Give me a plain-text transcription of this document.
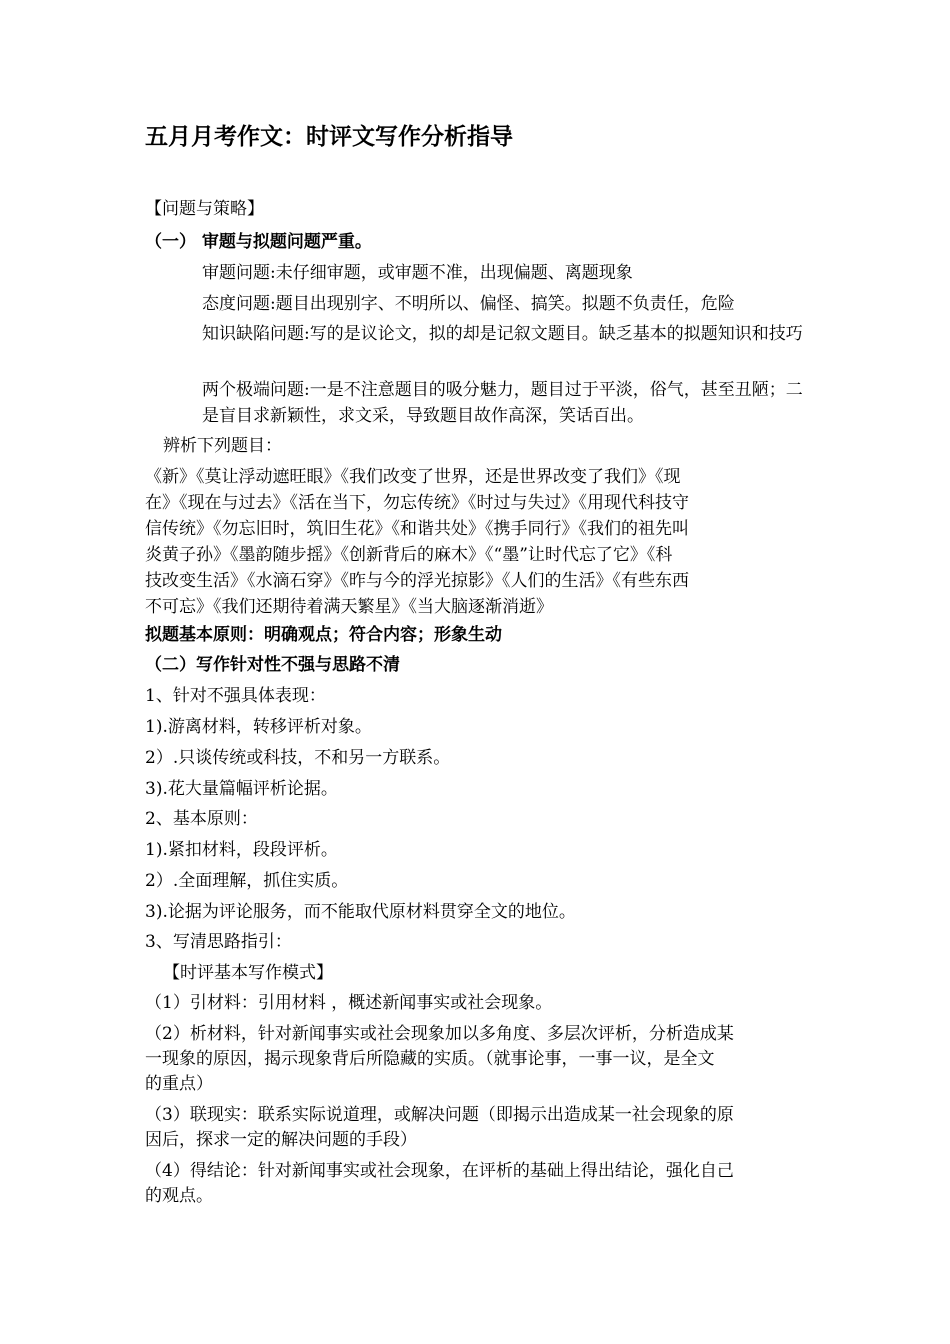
五月月考作文：时评文写作分析指导

【问题与策略】

（一） 审题与拟题问题严重。

审题问题:未仔细审题，或审题不准，出现偏题、离题现象

态度问题:题目出现别字、不明所以、偏怪、搞笑。拟题不负责任，危险

知识缺陷问题:写的是议论文，拟的却是记叙文题目。缺乏基本的拟题知识和技巧

两个极端问题:一是不注意题目的吸分魅力，题目过于平淡，俗气，甚至丑陋；二是盲目求新颖性，求文采，导致题目故作高深，笑话百出。

辨析下列题目：

《新》《莫让浮动遮旺眼》《我们改变了世界，还是世界改变了我们》《现

在》《现在与过去》《活在当下，勿忘传统》《时过与失过》《用现代科技守

信传统》《勿忘旧时，筑旧生花》《和谐共处》《携手同行》《我们的祖先叫

炎黄子孙》《墨韵随步摇》《创新背后的麻木》《“墨”让时代忘了它》《科

技改变生活》《水滴石穿》《昨与今的浮光掠影》《人们的生活》《有些东西

不可忘》《我们还期待着满天繁星》《当大脑逐渐消逝》

拟题基本原则：明确观点；符合内容；形象生动

（二）写作针对性不强与思路不清

1、针对不强具体表现：

1).游离材料，转移评析对象。

2）.只谈传统或科技，不和另一方联系。

3).花大量篇幅评析论据。

2、基本原则：

1).紧扣材料，段段评析。

2）.全面理解，抓住实质。

3).论据为评论服务，而不能取代原材料贯穿全文的地位。

3、写清思路指引：

【时评基本写作模式】

（1）引材料：引用材料 ，概述新闻事实或社会现象。

（2）析材料，针对新闻事实或社会现象加以多角度、多层次评析，分析造成某

一现象的原因，揭示现象背后所隐藏的实质。（就事论事，一事一议，是全文

的重点）

（3）联现实：联系实际说道理，或解决问题（即揭示出造成某一社会现象的原

因后，探求一定的解决问题的手段）

（4）得结论：针对新闻事实或社会现象，在评析的基础上得出结论，强化自己

的观点。
